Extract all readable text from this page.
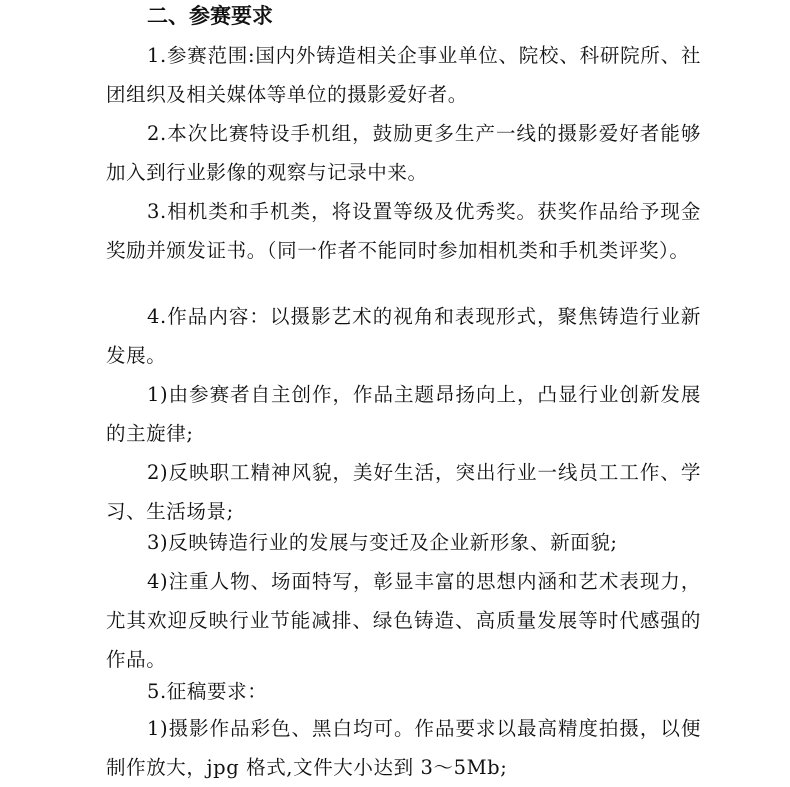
二、参赛要求

1.参赛范围:国内外铸造相关企事业单位、院校、科研院所、社团组织及相关媒体等单位的摄影爱好者。

2.本次比赛特设手机组，鼓励更多生产一线的摄影爱好者能够加入到行业影像的观察与记录中来。

3.相机类和手机类，将设置等级及优秀奖。获奖作品给予现金奖励并颁发证书。（同一作者不能同时参加相机类和手机类评奖）。

4.作品内容：以摄影艺术的视角和表现形式，聚焦铸造行业新发展。

1)由参赛者自主创作，作品主题昂扬向上，凸显行业创新发展的主旋律;

2)反映职工精神风貌，美好生活，突出行业一线员工工作、学习、生活场景;

3)反映铸造行业的发展与变迁及企业新形象、新面貌;

4)注重人物、场面特写，彰显丰富的思想内涵和艺术表现力，尤其欢迎反映行业节能减排、绿色铸造、高质量发展等时代感强的作品。

5.征稿要求：

1)摄影作品彩色、黑白均可。作品要求以最高精度拍摄，以便制作放大，jpg 格式,文件大小达到 3～5Mb;
